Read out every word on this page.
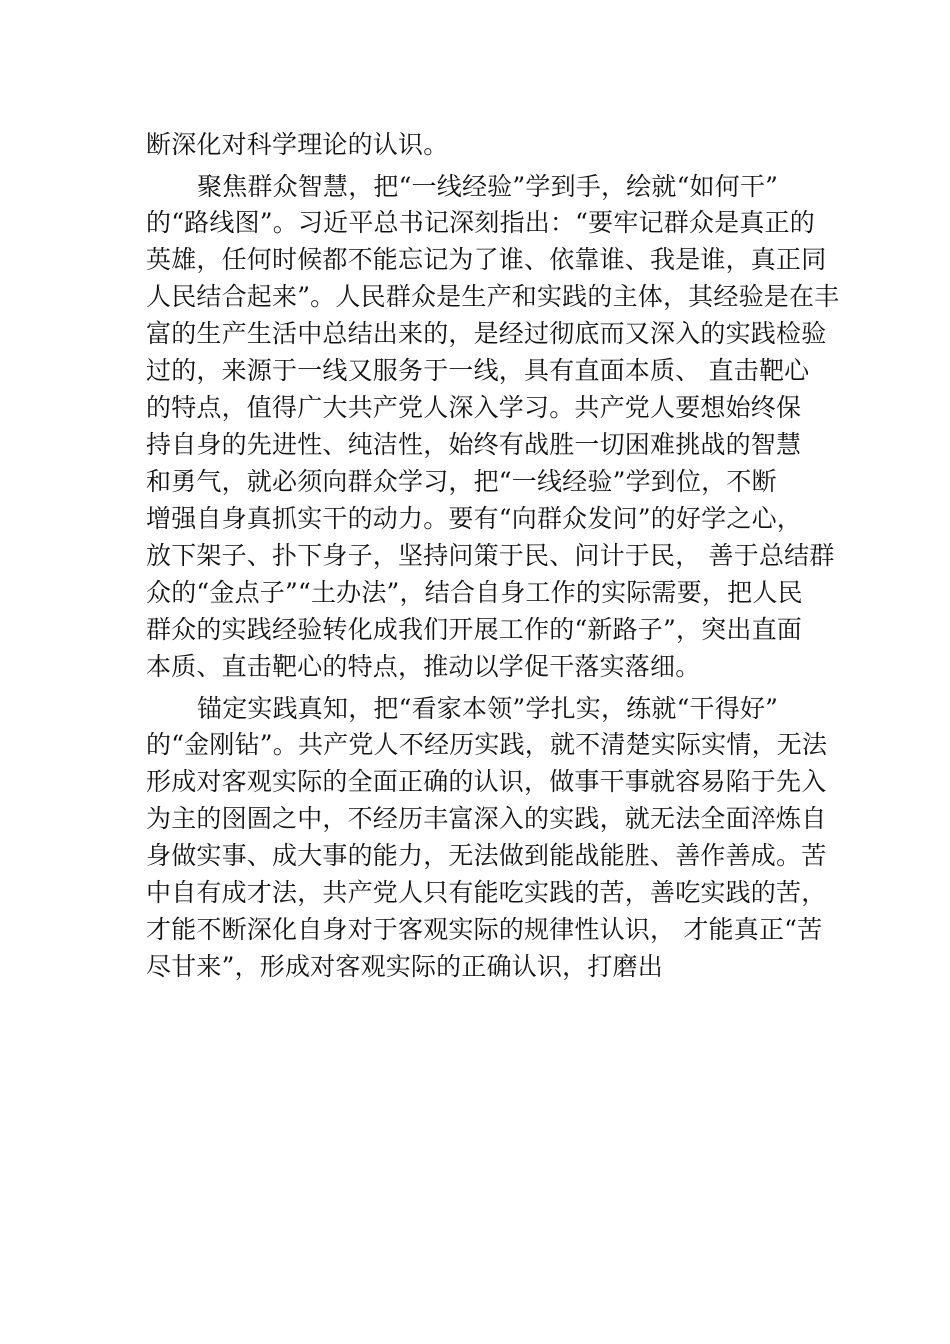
断深化对科学理论的认识。
聚焦群众智慧，把“一线经验”学到手，绘就“如何干”
的“路线图”。习近平总书记深刻指出：“要牢记群众是真正的
英雄，任何时候都不能忘记为了谁、依靠谁、我是谁，真正同
人民结合起来”。人民群众是生产和实践的主体，其经验是在丰
富的生产生活中总结出来的，是经过彻底而又深入的实践检验
过的，来源于一线又服务于一线，具有直面本质、 直击靶心
的特点，值得广大共产党人深入学习。共产党人要想始终保
持自身的先进性、纯洁性，始终有战胜一切困难挑战的智慧
和勇气，就必须向群众学习，把“一线经验”学到位，不断
增强自身真抓实干的动力。要有“向群众发问”的好学之心，
放下架子、扑下身子，坚持问策于民、问计于民， 善于总结群
众的“金点子”“土办法”，结合自身工作的实际需要，把人民
群众的实践经验转化成我们开展工作的“新路子”，突出直面
本质、直击靶心的特点，推动以学促干落实落细。
锚定实践真知，把“看家本领”学扎实，练就“干得好”
的“金刚钻”。共产党人不经历实践，就不清楚实际实情，无法
形成对客观实际的全面正确的认识，做事干事就容易陷于先入
为主的囹圄之中，不经历丰富深入的实践，就无法全面淬炼自
身做实事、成大事的能力，无法做到能战能胜、善作善成。苦
中自有成才法，共产党人只有能吃实践的苦，善吃实践的苦，
才能不断深化自身对于客观实际的规律性认识， 才能真正“苦
尽甘来”，形成对客观实际的正确认识，打磨出
